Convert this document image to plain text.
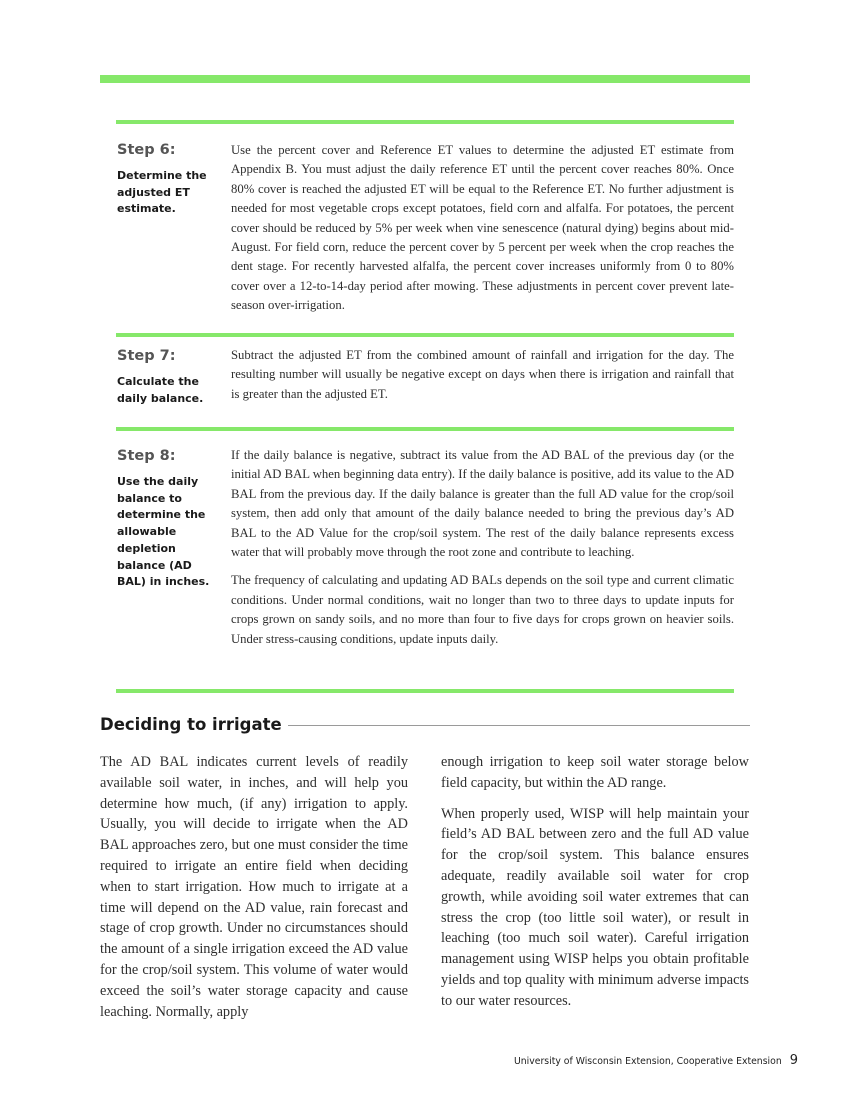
Step 6:
Determine the adjusted ET estimate.

Use the percent cover and Reference ET values to determine the adjusted ET estimate from Appendix B. You must adjust the daily reference ET until the percent cover reaches 80%. Once 80% cover is reached the adjusted ET will be equal to the Reference ET. No further adjustment is needed for most vegetable crops except potatoes, field corn and alfalfa. For potatoes, the percent cover should be reduced by 5% per week when vine senescence (natural dying) begins about mid-August. For field corn, reduce the percent cover by 5 percent per week when the crop reaches the dent stage. For recently harvested alfalfa, the percent cover increases uniformly from 0 to 80% cover over a 12-to-14-day period after mowing. These adjustments in percent cover prevent late-season over-irrigation.

Step 7:
Calculate the daily balance.

Subtract the adjusted ET from the combined amount of rainfall and irrigation for the day. The resulting number will usually be negative except on days when there is irrigation and rainfall that is greater than the adjusted ET.

Step 8:
Use the daily balance to determine the allowable depletion balance (AD BAL) in inches.

If the daily balance is negative, subtract its value from the AD BAL of the previous day (or the initial AD BAL when beginning data entry). If the daily balance is positive, add its value to the AD BAL from the previous day. If the daily balance is greater than the full AD value for the crop/soil system, then add only that amount of the daily balance needed to bring the previous day’s AD BAL to the AD Value for the crop/soil system. The rest of the daily balance represents excess water that will probably move through the root zone and contribute to leaching.

The frequency of calculating and updating AD BALs depends on the soil type and current climatic conditions. Under normal conditions, wait no longer than two to three days to update inputs for crops grown on sandy soils, and no more than four to five days for crops grown on heavier soils. Under stress-causing conditions, update inputs daily.

Deciding to irrigate

The AD BAL indicates current levels of readily available soil water, in inches, and will help you determine how much, (if any) irrigation to apply. Usually, you will decide to irrigate when the AD BAL approaches zero, but one must consider the time required to irrigate an entire field when deciding when to start irrigation. How much to irrigate at a time will depend on the AD value, rain forecast and stage of crop growth. Under no circumstances should the amount of a single irrigation exceed the AD value for the crop/soil system. This volume of water would exceed the soil’s water storage capacity and cause leaching. Normally, apply

enough irrigation to keep soil water storage below field capacity, but within the AD range.

When properly used, WISP will help maintain your field’s AD BAL between zero and the full AD value for the crop/soil system. This balance ensures adequate, readily available soil water for crop growth, while avoiding soil water extremes that can stress the crop (too little soil water), or result in leaching (too much soil water). Careful irrigation management using WISP helps you obtain profitable yields and top quality with minimum adverse impacts to our water resources.

University of Wisconsin Extension, Cooperative Extension 9
